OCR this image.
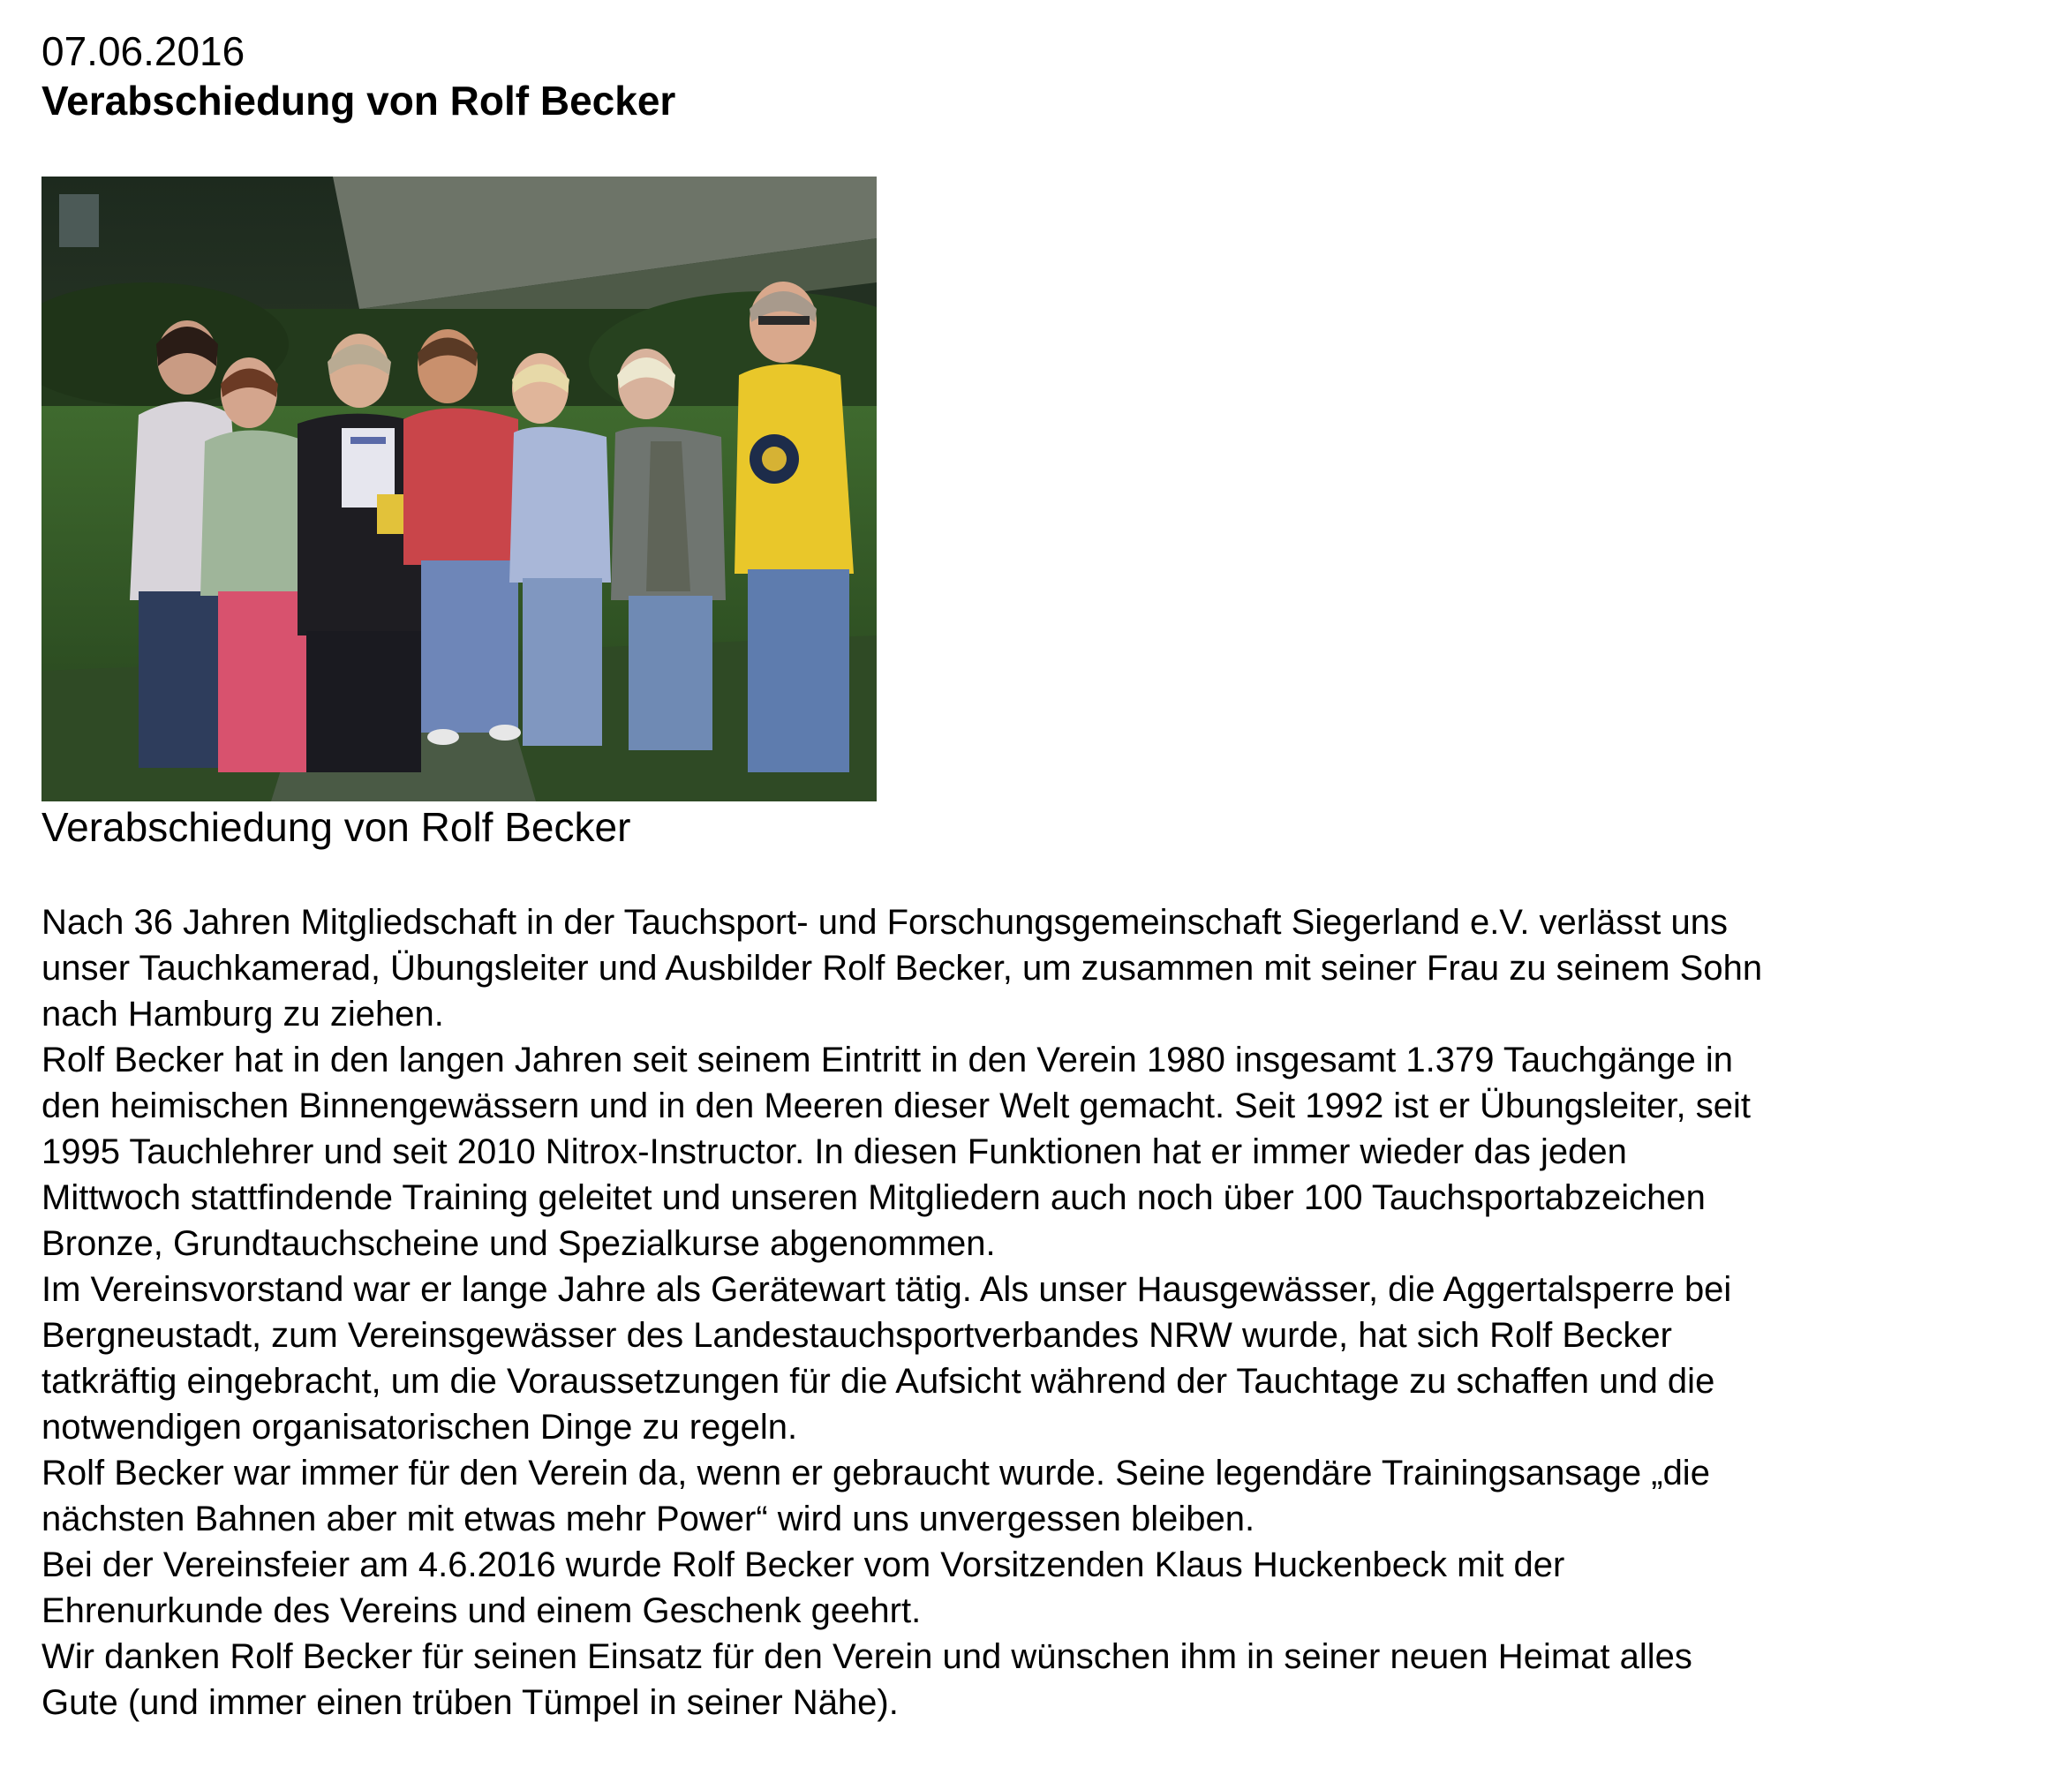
07.06.2016
Verabschiedung von Rolf Becker
Verabschiedung von Rolf Becker
Nach 36 Jahren Mitgliedschaft in der Tauchsport- und Forschungsgemeinschaft Siegerland e.V. verlässt uns
unser Tauchkamerad, Übungsleiter und Ausbilder Rolf Becker, um zusammen mit seiner Frau zu seinem Sohn
nach Hamburg zu ziehen.
Rolf Becker hat in den langen Jahren seit seinem Eintritt in den Verein 1980 insgesamt 1.379 Tauchgänge in
den heimischen Binnengewässern und in den Meeren dieser Welt gemacht. Seit 1992 ist er Übungsleiter, seit
1995 Tauchlehrer und seit 2010 Nitrox-Instructor. In diesen Funktionen hat er immer wieder das jeden
Mittwoch stattfindende Training geleitet und unseren Mitgliedern auch noch über 100 Tauchsportabzeichen
Bronze, Grundtauchscheine und Spezialkurse abgenommen.
Im Vereinsvorstand war er lange Jahre als Gerätewart tätig. Als unser Hausgewässer, die Aggertalsperre bei
Bergneustadt, zum Vereinsgewässer des Landestauchsportverbandes NRW wurde, hat sich Rolf Becker
tatkräftig eingebracht, um die Voraussetzungen für die Aufsicht während der Tauchtage zu schaffen und die
notwendigen organisatorischen Dinge zu regeln.
Rolf Becker war immer für den Verein da, wenn er gebraucht wurde. Seine legendäre Trainingsansage „die
nächsten Bahnen aber mit etwas mehr Power“ wird uns unvergessen bleiben.
Bei der Vereinsfeier am 4.6.2016 wurde Rolf Becker vom Vorsitzenden Klaus Huckenbeck mit der
Ehrenurkunde des Vereins und einem Geschenk geehrt.
Wir danken Rolf Becker für seinen Einsatz für den Verein und wünschen ihm in seiner neuen Heimat alles
Gute (und immer einen trüben Tümpel in seiner Nähe).
